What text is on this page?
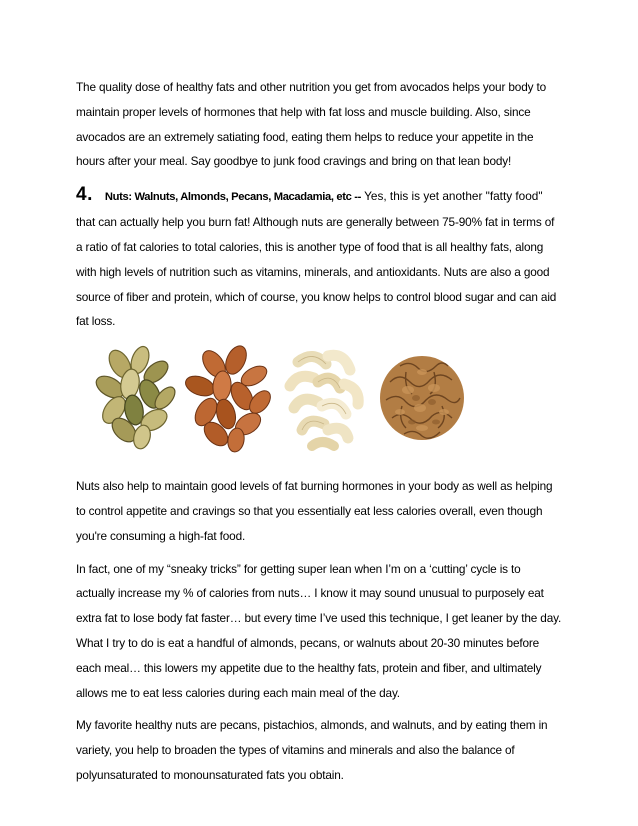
The quality dose of healthy fats and other nutrition you get from avocados helps your body to
maintain proper levels of hormones that help with fat loss and muscle building. Also, since
avocados are an extremely satiating food, eating them helps to reduce your appetite in the
hours after your meal. Say goodbye to junk food cravings and bring on that lean body!
4. Nuts: Walnuts, Almonds, Pecans, Macadamia, etc -- Yes, this is yet another "fatty food"
that can actually help you burn fat! Although nuts are generally between 75-90% fat in terms of
a ratio of fat calories to total calories, this is another type of food that is all healthy fats, along
with high levels of nutrition such as vitamins, minerals, and antioxidants. Nuts are also a good
source of fiber and protein, which of course, you know helps to control blood sugar and can aid
fat loss.
Nuts also help to maintain good levels of fat burning hormones in your body as well as helping
to control appetite and cravings so that you essentially eat less calories overall, even though
you're consuming a high-fat food.
In fact, one of my “sneaky tricks” for getting super lean when I’m on a ‘cutting’ cycle is to
actually increase my % of calories from nuts… I know it may sound unusual to purposely eat
extra fat to lose body fat faster… but every time I’ve used this technique, I get leaner by the day.
What I try to do is eat a handful of almonds, pecans, or walnuts about 20-30 minutes before
each meal… this lowers my appetite due to the healthy fats, protein and fiber, and ultimately
allows me to eat less calories during each main meal of the day.
My favorite healthy nuts are pecans, pistachios, almonds, and walnuts, and by eating them in
variety, you help to broaden the types of vitamins and minerals and also the balance of
polyunsaturated to monounsaturated fats you obtain.
